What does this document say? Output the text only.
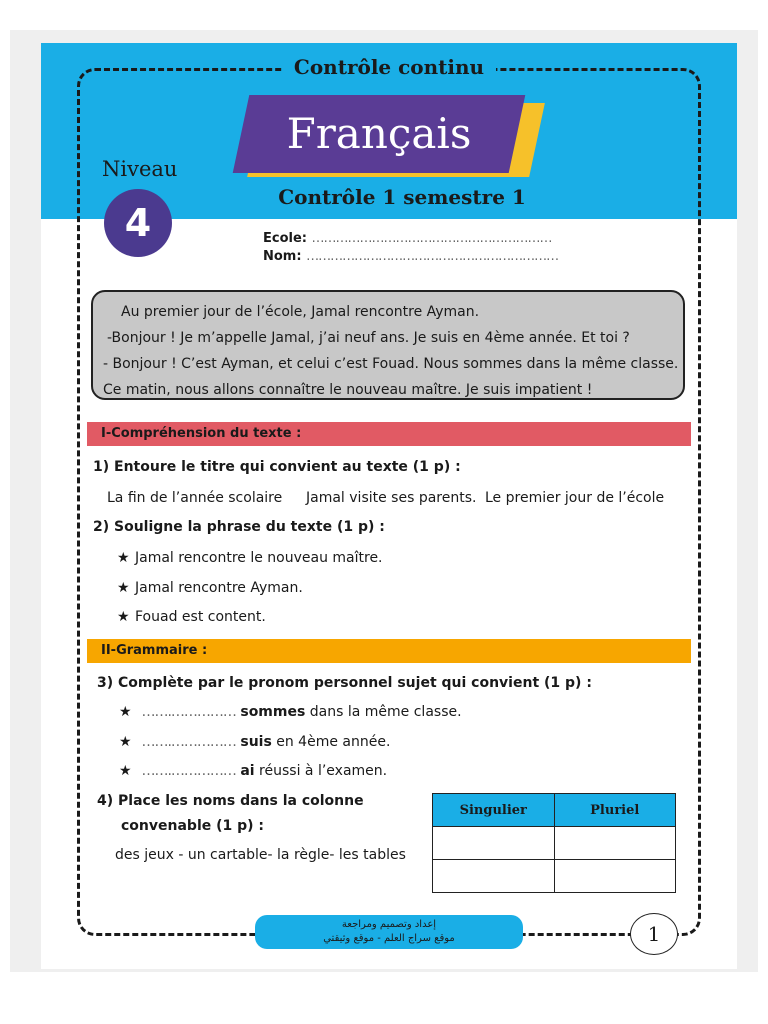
Contrôle continu
Français
Niveau
4
Contrôle 1 semestre 1
Ecole: ……………………………………………………
Nom: ………………………………………………………
Au premier jour de l’école, Jamal rencontre Ayman.
-Bonjour ! Je m’appelle Jamal, j’ai neuf ans. Je suis en 4ème année. Et toi ?
- Bonjour ! C’est Ayman, et celui c’est Fouad. Nous sommes dans la même classe.
Ce matin, nous allons connaître le nouveau maître. Je suis impatient !
I-Compréhension du texte :
1) Entoure le titre qui convient au texte (1 p) :
La fin de l’année scolaire Jamal visite ses parents. Le premier jour de l’école
2) Souligne la phrase du texte (1 p) :
★ Jamal rencontre le nouveau maître.
★ Jamal rencontre Ayman.
★ Fouad est content.
II-Grammaire :
3) Complète par le pronom personnel sujet qui convient (1 p) :
★ …….…………… sommes dans la même classe.
★ …….…………… suis en 4ème année.
★ …….…………… ai réussi à l’examen.
4) Place les noms dans la colonne
convenable (1 p) :
des jeux - un cartable- la règle- les tables
Singulier	Pluriel

إعداد وتصميم ومراجعة
موقع سراج العلم - موقع وثيقتي	1
